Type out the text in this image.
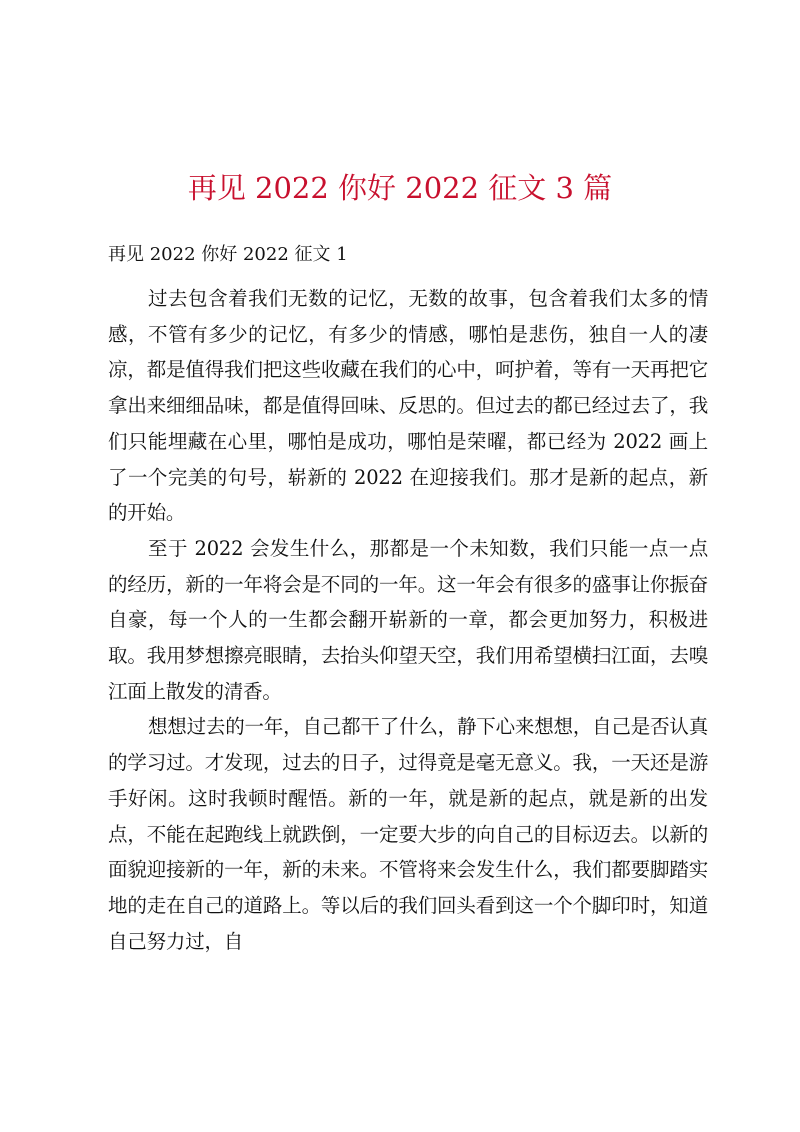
再见 2022 你好 2022 征文 3 篇
再见 2022 你好 2022 征文 1

过去包含着我们无数的记忆，无数的故事，包含着我们太多的情感，不管有多少的记忆，有多少的情感，哪怕是悲伤，独自一人的凄凉，都是值得我们把这些收藏在我们的心中，呵护着，等有一天再把它拿出来细细品味，都是值得回味、反思的。但过去的都已经过去了，我们只能埋藏在心里，哪怕是成功，哪怕是荣曜，都已经为 2022 画上了一个完美的句号，崭新的 2022 在迎接我们。那才是新的起点，新的开始。

至于 2022 会发生什么，那都是一个未知数，我们只能一点一点的经历，新的一年将会是不同的一年。这一年会有很多的盛事让你振奋自豪，每一个人的一生都会翻开崭新的一章，都会更加努力，积极进取。我用梦想擦亮眼睛，去抬头仰望天空，我们用希望横扫江面，去嗅江面上散发的清香。

想想过去的一年，自己都干了什么，静下心来想想，自己是否认真的学习过。才发现，过去的日子，过得竟是毫无意义。我，一天还是游手好闲。这时我顿时醒悟。新的一年，就是新的起点，就是新的出发点，不能在起跑线上就跌倒，一定要大步的向自己的目标迈去。以新的面貌迎接新的一年，新的未来。不管将来会发生什么，我们都要脚踏实地的走在自己的道路上。等以后的我们回头看到这一个个脚印时，知道自己努力过，自
